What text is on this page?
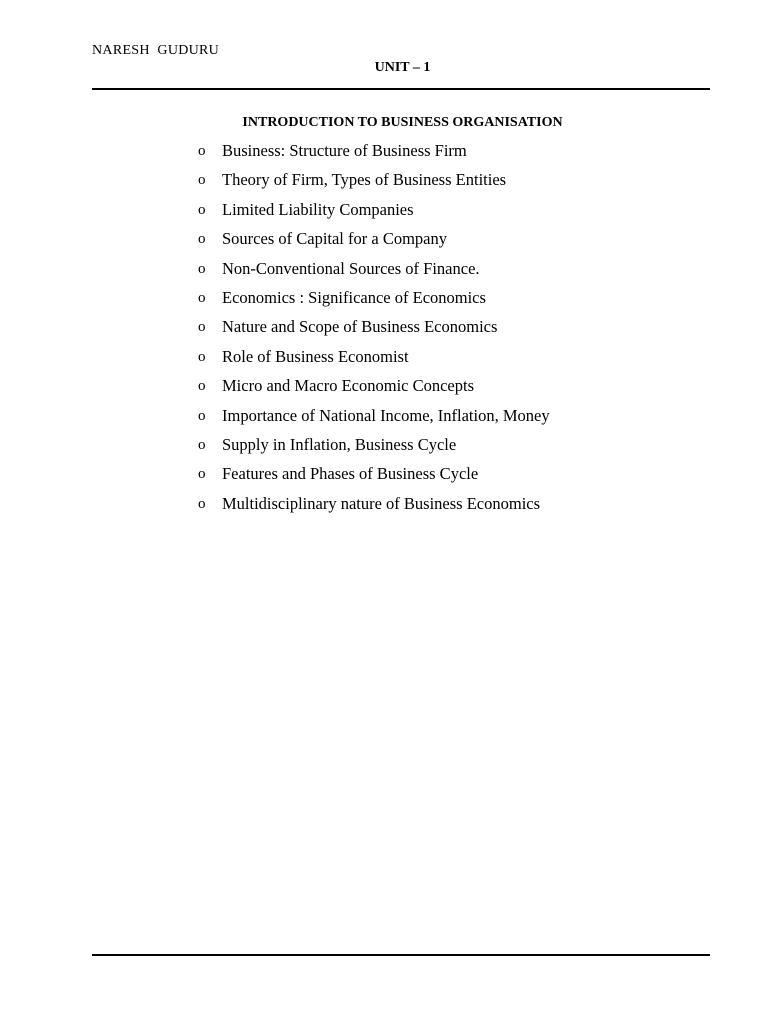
NARESH  GUDURU
UNIT – 1
INTRODUCTION TO BUSINESS ORGANISATION
o	Business: Structure of Business Firm
o	Theory of Firm, Types of Business Entities
o	Limited Liability Companies
o	Sources of Capital for a Company
o	Non-Conventional Sources of Finance.
o	Economics : Significance of Economics
o	Nature and Scope of Business Economics
o	Role of Business Economist
o	Micro and Macro Economic Concepts
o	Importance of National Income, Inflation, Money
o	Supply in Inflation, Business Cycle
o	Features and Phases of Business Cycle
o	Multidisciplinary nature of Business Economics
